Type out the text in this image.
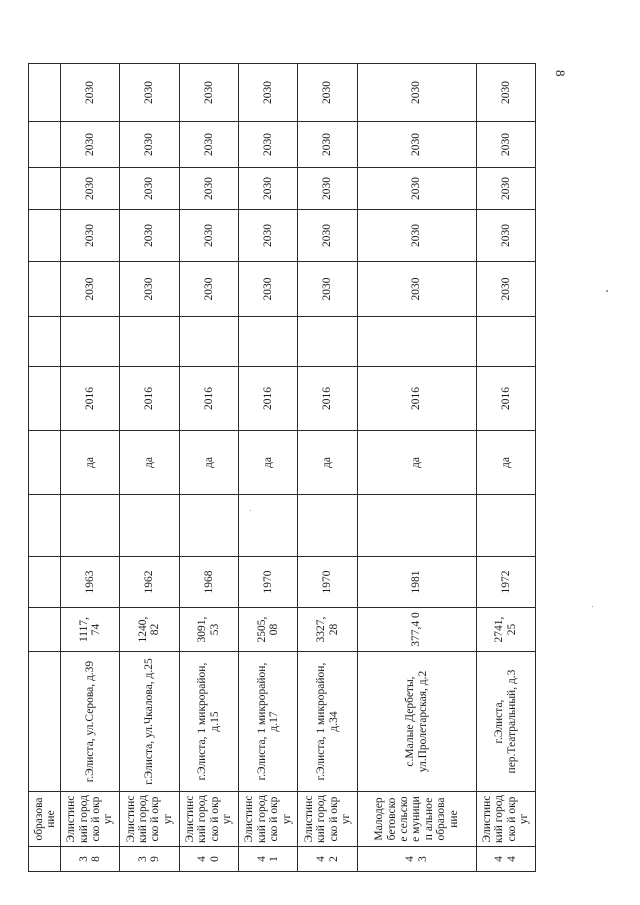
8
	образова ние												
38	Элистинс кий городско й округ	г.Элиста, ул.Серова, д.39	1117, 74	1963		да	2016		2030	2030	2030	2030	2030
39	Элистинс кий городско й округ	г.Элиста, ул.Чкалова, д.25	1240, 82	1962		да	2016		2030	2030	2030	2030	2030
40	Элистинс кий городско й округ	г.Элиста, 1 микрорайон, д.15	3091, 53	1968		да	2016		2030	2030	2030	2030	2030
41	Элистинс кий городско й округ	г.Элиста, 1 микрорайон, д.17	2505, 08	1970		да	2016		2030	2030	2030	2030	2030
42	Элистинс кий городско й округ	г.Элиста, 1 микрорайон, д.34	3327, 28	1970		да	2016		2030	2030	2030	2030	2030
43	Малодер бетовско е сельское муницип альное образова ние	с.Малые Дербеты, ул.Пролетарская, д.2	377,4 0	1981		да	2016		2030	2030	2030	2030	2030
44	Элистинс кий городско й округ	г.Элиста, пер.Театральный, д.3	2741, 25	1972		да	2016		2030	2030	2030	2030	2030
